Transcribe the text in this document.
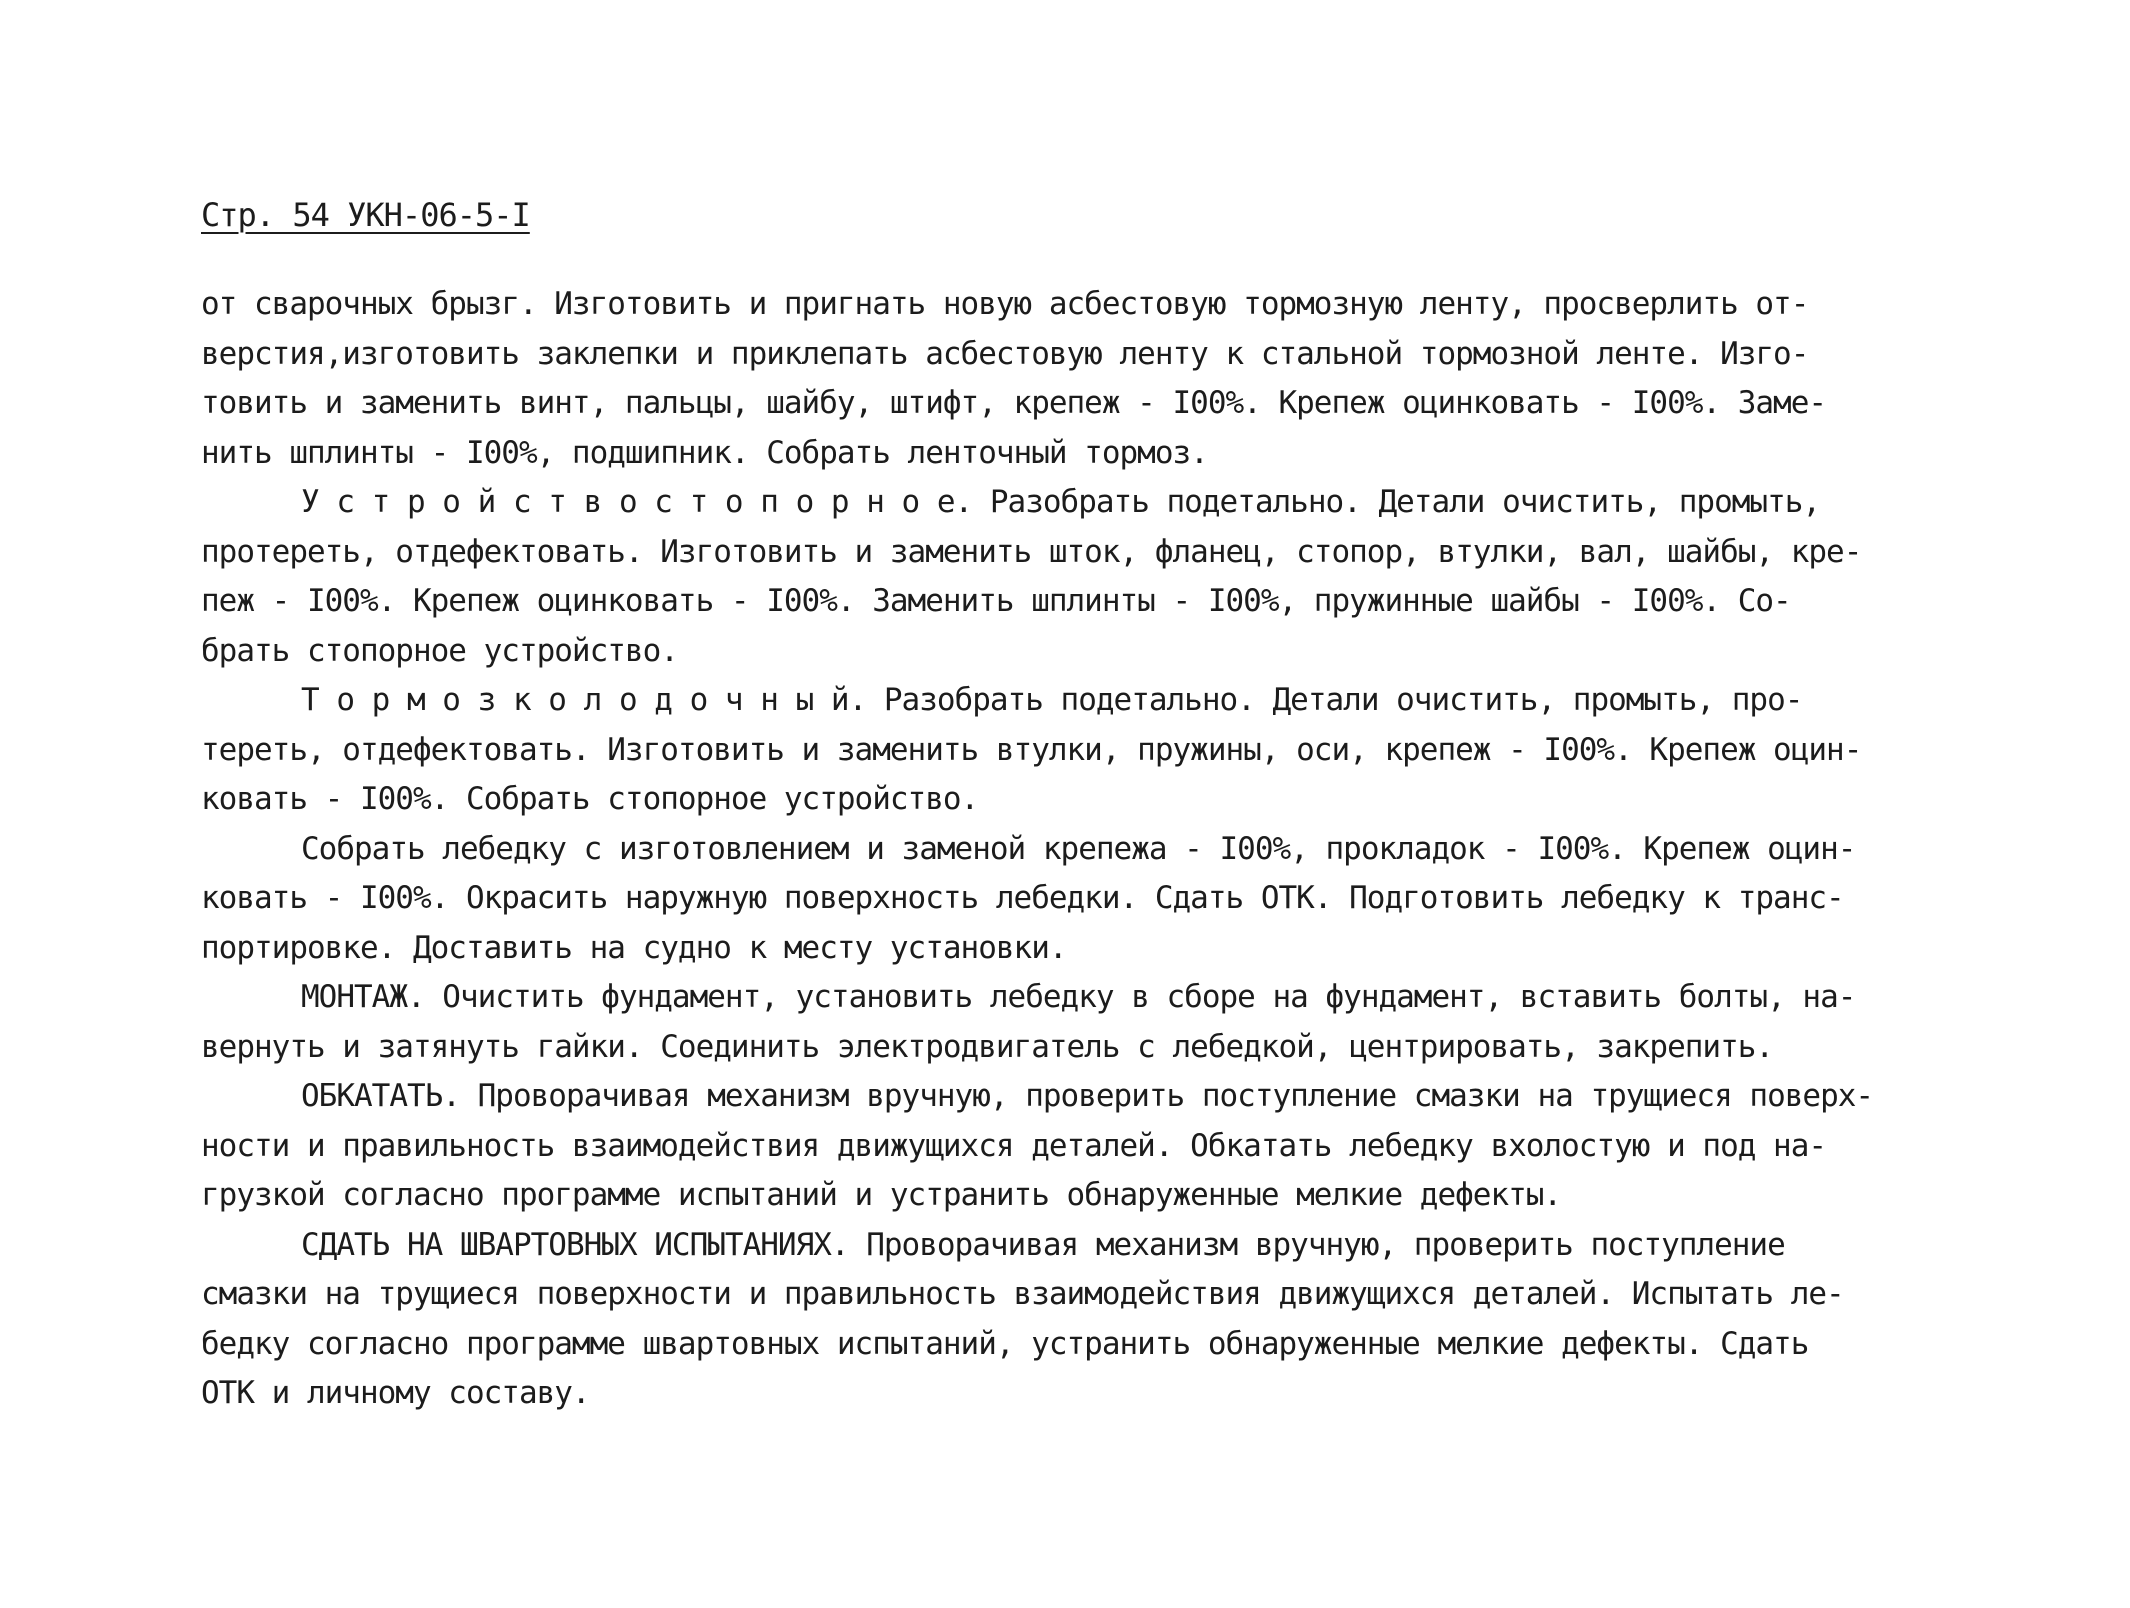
Стр. 54 УКН-06-5-I
от сварочных брызг. Изготовить и пригнать новую асбестовую тормозную ленту, просверлить от-
верстия,изготовить заклепки и приклепать асбестовую ленту к стальной тормозной ленте. Изго-
товить и заменить винт, пальцы, шайбу, штифт, крепеж - I00%. Крепеж оцинковать - I00%. Заме-
нить шплинты - I00%, подшипник. Собрать ленточный тормоз.
У с т р о й с т в о с т о п о р н о е. Разобрать подетально. Детали очистить, промыть,
протереть, отдефектовать. Изготовить и заменить шток, фланец, стопор, втулки, вал, шайбы, кре-
пеж - I00%. Крепеж оцинковать - I00%. Заменить шплинты - I00%, пружинные шайбы - I00%. Со-
брать стопорное устройство.
Т о р м о з к о л о д о ч н ы й. Разобрать подетально. Детали очистить, промыть, про-
тереть, отдефектовать. Изготовить и заменить втулки, пружины, оси, крепеж - I00%. Крепеж оцин-
ковать - I00%. Собрать стопорное устройство.
Собрать лебедку с изготовлением и заменой крепежа - I00%, прокладок - I00%. Крепеж оцин-
ковать - I00%. Окрасить наружную поверхность лебедки. Сдать ОТК. Подготовить лебедку к транс-
портировке. Доставить на судно к месту установки.
МОНТАЖ. Очистить фундамент, установить лебедку в сборе на фундамент, вставить болты, на-
вернуть и затянуть гайки. Соединить электродвигатель с лебедкой, центрировать, закрепить.
ОБКАТАТЬ. Проворачивая механизм вручную, проверить поступление смазки на трущиеся поверх-
ности и правильность взаимодействия движущихся деталей. Обкатать лебедку вхолостую и под на-
грузкой согласно программе испытаний и устранить обнаруженные мелкие дефекты.
СДАТЬ НА ШВАРТОВНЫХ ИСПЫТАНИЯХ. Проворачивая механизм вручную, проверить поступление
смазки на трущиеся поверхности и правильность взаимодействия движущихся деталей. Испытать ле-
бедку согласно программе швартовных испытаний, устранить обнаруженные мелкие дефекты. Сдать
ОТК и личному составу.
